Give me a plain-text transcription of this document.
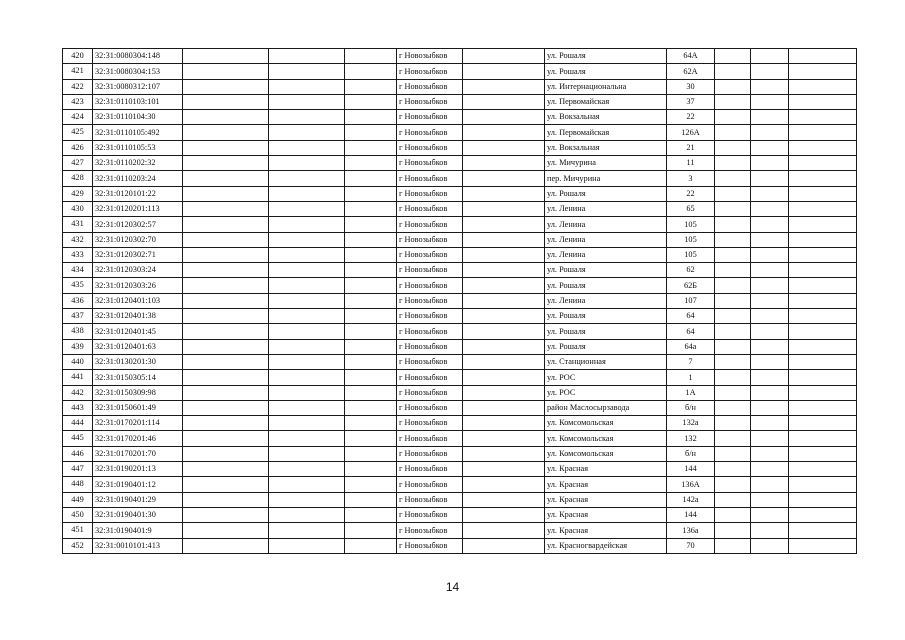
420	32:31:0080304:148				г Новозыбков		ул. Рошаля	64А			
421	32:31:0080304:153				г Новозыбков		ул. Рошаля	62А			
422	32:31:0080312:107				г Новозыбков		ул. Интернациональна	30			
423	32:31:0110103:101				г Новозыбков		ул. Первомайская	37			
424	32:31:0110104:30				г Новозыбков		ул. Вокзальная	22			
425	32:31:0110105:492				г Новозыбков		ул. Первомайская	126А			
426	32:31:0110105:53				г Новозыбков		ул. Вокзальная	21			
427	32:31:0110202:32				г Новозыбков		ул. Мичурина	11			
428	32:31:0110203:24				г Новозыбков		пер. Мичурина	3			
429	32:31:0120101:22				г Новозыбков		ул. Рошаля	22			
430	32:31:0120201:113				г Новозыбков		ул. Ленина	65			
431	32:31:0120302:57				г Новозыбков		ул. Ленина	105			
432	32:31:0120302:70				г Новозыбков		ул. Ленина	105			
433	32:31:0120302:71				г Новозыбков		ул. Ленина	105			
434	32:31:0120303:24				г Новозыбков		ул. Рошаля	62			
435	32:31:0120303:26				г Новозыбков		ул. Рошаля	62Б			
436	32:31:0120401:103				г Новозыбков		ул. Ленина	107			
437	32:31:0120401:38				г Новозыбков		ул. Рошаля	64			
438	32:31:0120401:45				г Новозыбков		ул. Рошаля	64			
439	32:31:0120401:63				г Новозыбков		ул. Рошаля	64а			
440	32:31:0130201:30				г Новозыбков		ул. Станционная	7			
441	32:31:0150305:14				г Новозыбков		ул. РОС	1			
442	32:31:0150309:98				г Новозыбков		ул. РОС	1А			
443	32:31:0150601:49				г Новозыбков		район Маслосырзавода	б/н			
444	32:31:0170201:114				г Новозыбков		ул. Комсомольская	132а			
445	32:31:0170201:46				г Новозыбков		ул. Комсомольская	132			
446	32:31:0170201:70				г Новозыбков		ул. Комсомольская	б/н			
447	32:31:0190201:13				г Новозыбков		ул. Красная	144			
448	32:31:0190401:12				г Новозыбков		ул. Красная	136А			
449	32:31:0190401:29				г Новозыбков		ул. Красная	142а			
450	32:31:0190401:30				г Новозыбков		ул. Красная	144			
451	32:31:0190401:9				г Новозыбков		ул. Красная	136а			
452	32:31:0010101:413				г Новозыбков		ул. Красногвардейская	70			
14
